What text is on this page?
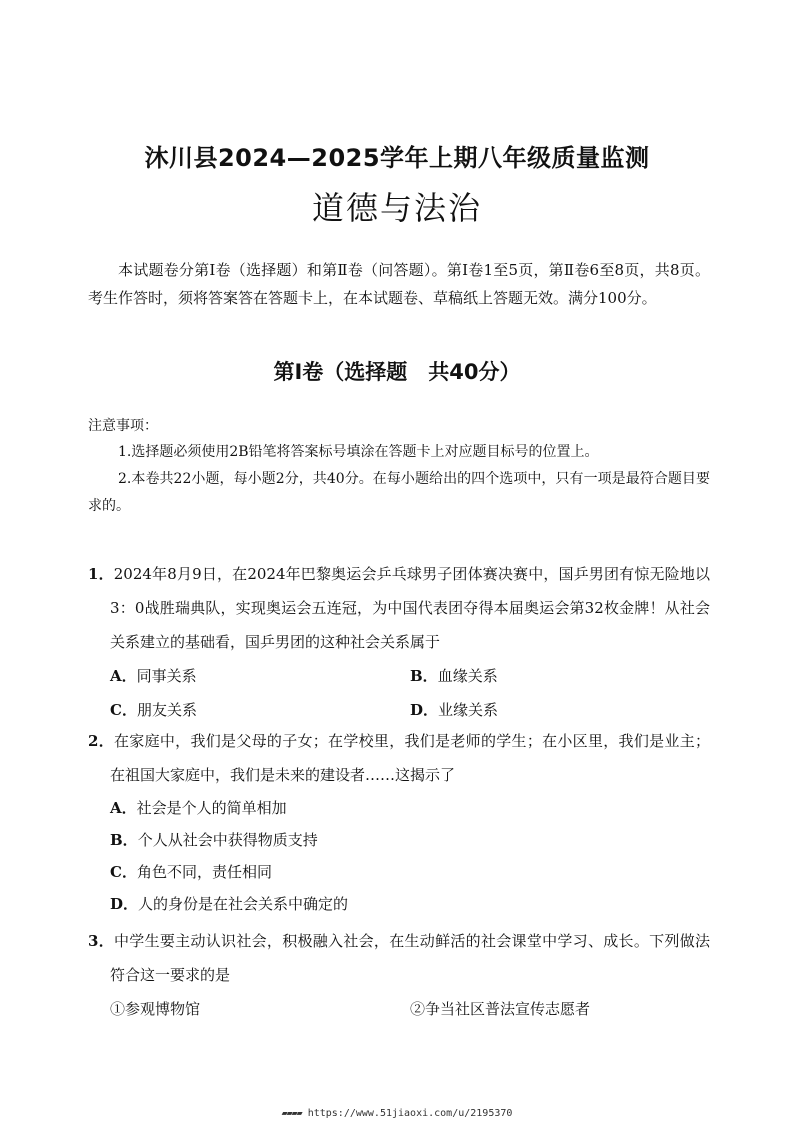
沐川县2024—2025学年上期八年级质量监测
道德与法治
本试题卷分第Ⅰ卷（选择题）和第Ⅱ卷（问答题）。第Ⅰ卷1至5页，第Ⅱ卷6至8页，共8页。考生作答时，须将答案答在答题卡上，在本试题卷、草稿纸上答题无效。满分100分。
第Ⅰ卷（选择题　共40分）
注意事项：
1.选择题必须使用2B铅笔将答案标号填涂在答题卡上对应题目标号的位置上。
2.本卷共22小题，每小题2分，共40分。在每小题给出的四个选项中，只有一项是最符合题目要求的。
1．2024年8月9日，在2024年巴黎奥运会乒乓球男子团体赛决赛中，国乒男团有惊无险地以3：0战胜瑞典队，实现奥运会五连冠，为中国代表团夺得本届奥运会第32枚金牌！从社会关系建立的基础看，国乒男团的这种社会关系属于
A．同事关系	B．血缘关系
C．朋友关系	D．业缘关系
2．在家庭中，我们是父母的子女；在学校里，我们是老师的学生；在小区里，我们是业主；在祖国大家庭中，我们是未来的建设者……这揭示了
A．社会是个人的简单相加
B．个人从社会中获得物质支持
C．角色不同，责任相同
D．人的身份是在社会关系中确定的
3．中学生要主动认识社会，积极融入社会，在生动鲜活的社会课堂中学习、成长。下列做法符合这一要求的是
①参观博物馆	②争当社区普法宣传志愿者
▰▰▰▰ https://www.51jiaoxi.com/u/2195370
